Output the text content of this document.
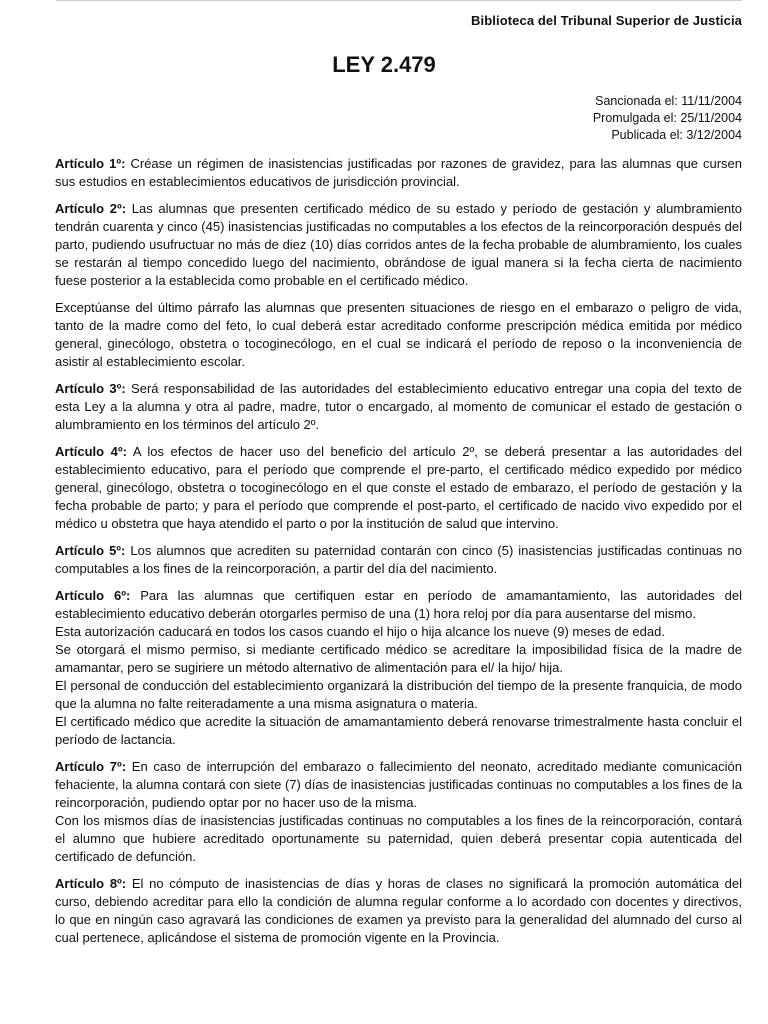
Biblioteca del Tribunal Superior de Justicia
LEY 2.479
Sancionada el: 11/11/2004
Promulgada el: 25/11/2004
Publicada el: 3/12/2004

Artículo 1º: Créase un régimen de inasistencias justificadas por razones de gravidez, para las alumnas que cursen sus estudios en establecimientos educativos de jurisdicción provincial.

Artículo 2º: Las alumnas que presenten certificado médico de su estado y período de gestación y alumbramiento tendrán cuarenta y cinco (45) inasistencias justificadas no computables a los efectos de la reincorporación después del parto, pudiendo usufructuar no más de diez (10) días corridos antes de la fecha probable de alumbramiento, los cuales se restarán al tiempo concedido luego del nacimiento, obrándose de igual manera si la fecha cierta de nacimiento fuese posterior a la establecida como probable en el certificado médico.

Exceptúanse del último párrafo las alumnas que presenten situaciones de riesgo en el embarazo o peligro de vida, tanto de la madre como del feto, lo cual deberá estar acreditado conforme prescripción médica emitida por médico general, ginecólogo, obstetra o tocoginecólogo, en el cual se indicará el período de reposo o la inconveniencia de asistir al establecimiento escolar.

Artículo 3º: Será responsabilidad de las autoridades del establecimiento educativo entregar una copia del texto de esta Ley a la alumna y otra al padre, madre, tutor o encargado, al momento de comunicar el estado de gestación o alumbramiento en los términos del artículo 2º.

Artículo 4º: A los efectos de hacer uso del beneficio del artículo 2º, se deberá presentar a las autoridades del establecimiento educativo, para el período que comprende el pre-parto, el certificado médico expedido por médico general, ginecólogo, obstetra o tocoginecólogo en el que conste el estado de embarazo, el período de gestación y la fecha probable de parto; y para el período que comprende el post-parto, el certificado de nacido vivo expedido por el médico u obstetra que haya atendido el parto o por la institución de salud que intervino.

Artículo 5º: Los alumnos que acrediten su paternidad contarán con cinco (5) inasistencias justificadas continuas no computables a los fines de la reincorporación, a partir del día del nacimiento.

Artículo 6º: Para las alumnas que certifiquen estar en período de amamantamiento, las autoridades del establecimiento educativo deberán otorgarles permiso de una (1) hora reloj por día para ausentarse del mismo.
Esta autorización caducará en todos los casos cuando el hijo o hija alcance los nueve (9) meses de edad.
Se otorgará el mismo permiso, si mediante certificado médico se acreditare la imposibilidad física de la madre de amamantar, pero se sugiriere un método alternativo de alimentación para el/ la hijo/ hija.
El personal de conducción del establecimiento organizará la distribución del tiempo de la presente franquicia, de modo que la alumna no falte reiteradamente a una misma asignatura o materia.
El certificado médico que acredite la situación de amamantamiento deberá renovarse trimestralmente hasta concluir el período de lactancia.

Artículo 7º: En caso de interrupción del embarazo o fallecimiento del neonato, acreditado mediante comunicación fehaciente, la alumna contará con siete (7) días de inasistencias justificadas continuas no computables a los fines de la reincorporación, pudiendo optar por no hacer uso de la misma.
Con los mismos días de inasistencias justificadas continuas no computables a los fines de la reincorporación, contará el alumno que hubiere acreditado oportunamente su paternidad, quien deberá presentar copia autenticada del certificado de defunción.

Artículo 8º: El no cómputo de inasistencias de días y horas de clases no significará la promoción automática del curso, debiendo acreditar para ello la condición de alumna regular conforme a lo acordado con docentes y directivos, lo que en ningún caso agravará las condiciones de examen ya previsto para la generalidad del alumnado del curso al cual pertenece, aplicándose el sistema de promoción vigente en la Provincia.
